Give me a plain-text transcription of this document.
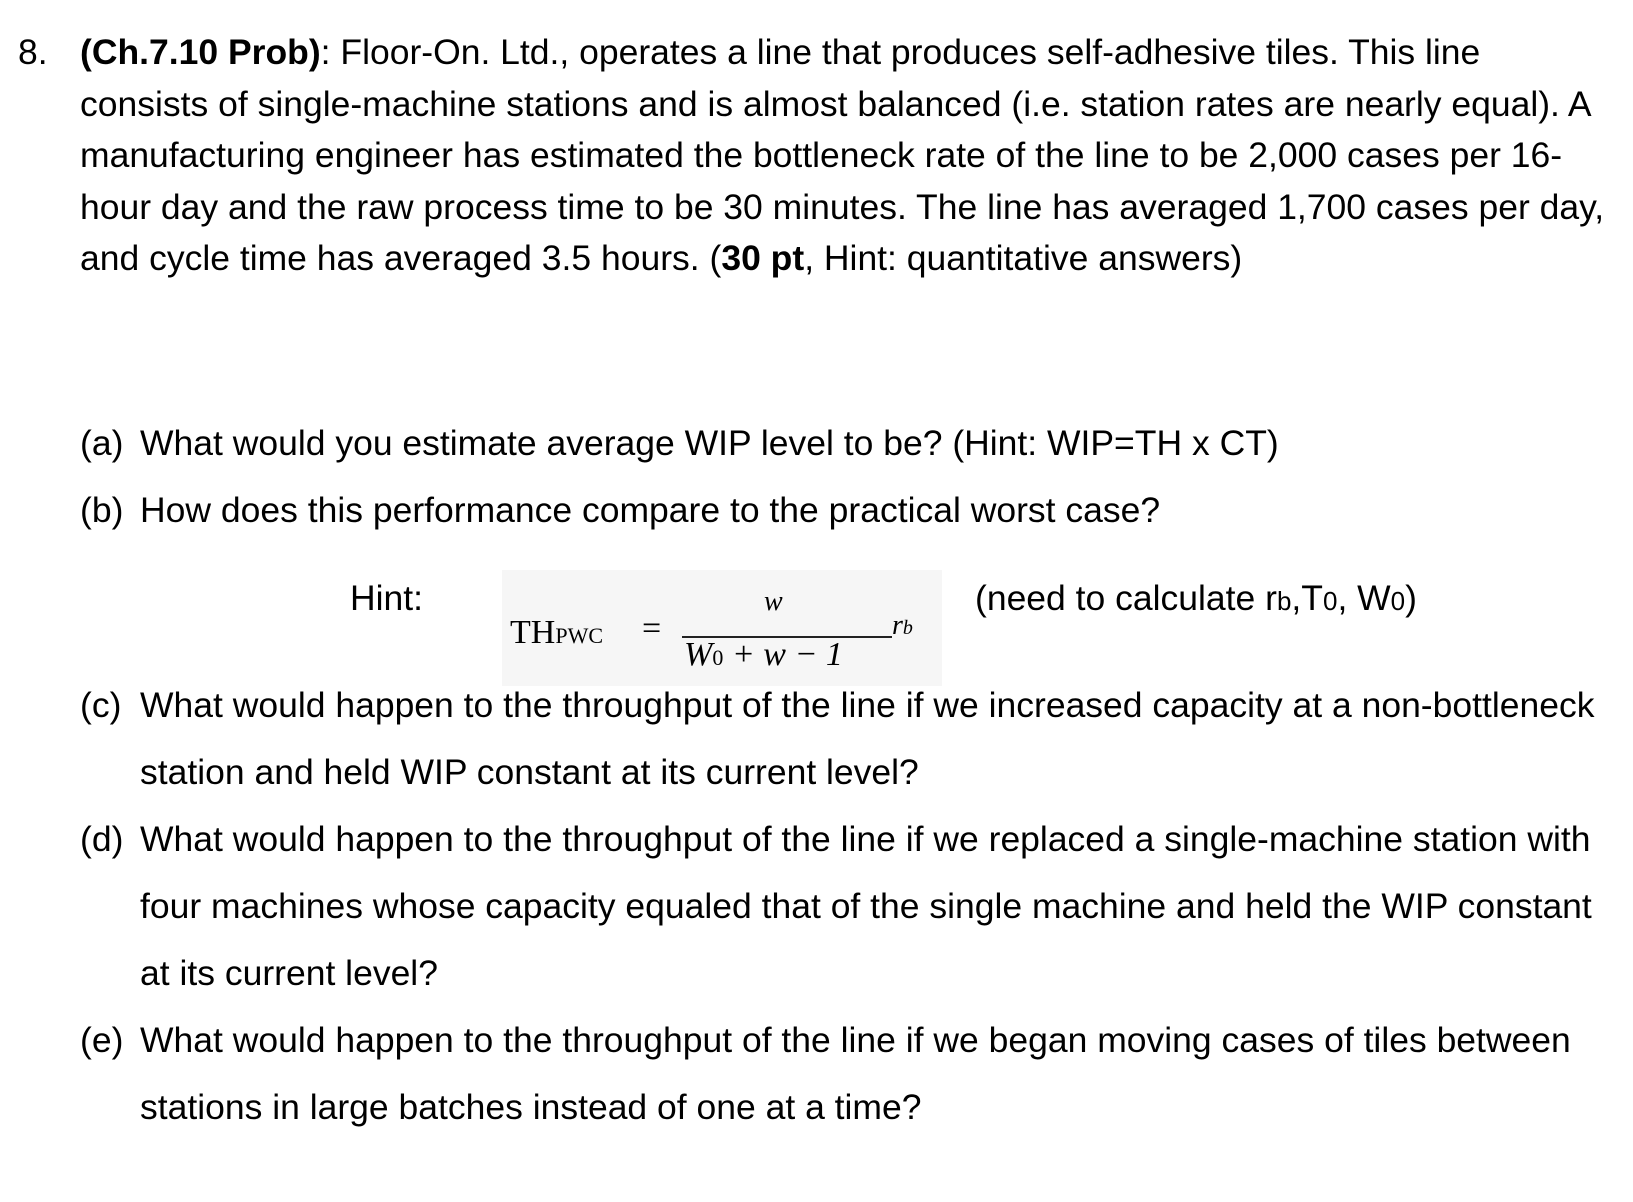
8. (Ch.7.10 Prob): Floor-On. Ltd., operates a line that produces self-adhesive tiles. This line consists of single-machine stations and is almost balanced (i.e. station rates are nearly equal). A manufacturing engineer has estimated the bottleneck rate of the line to be 2,000 cases per 16-hour day and the raw process time to be 30 minutes. The line has averaged 1,700 cases per day, and cycle time has averaged 3.5 hours. (30 pt, Hint: quantitative answers)
(a) What would you estimate average WIP level to be? (Hint: WIP=TH x CT)
(b) How does this performance compare to the practical worst case?
Hint:
THPWC =
w
W0 + w − 1
rb
(need to calculate rb,T0, W0)
(c) What would happen to the throughput of the line if we increased capacity at a non-bottleneck station and held WIP constant at its current level?
(d) What would happen to the throughput of the line if we replaced a single-machine station with four machines whose capacity equaled that of the single machine and held the WIP constant at its current level?
(e) What would happen to the throughput of the line if we began moving cases of tiles between stations in large batches instead of one at a time?
